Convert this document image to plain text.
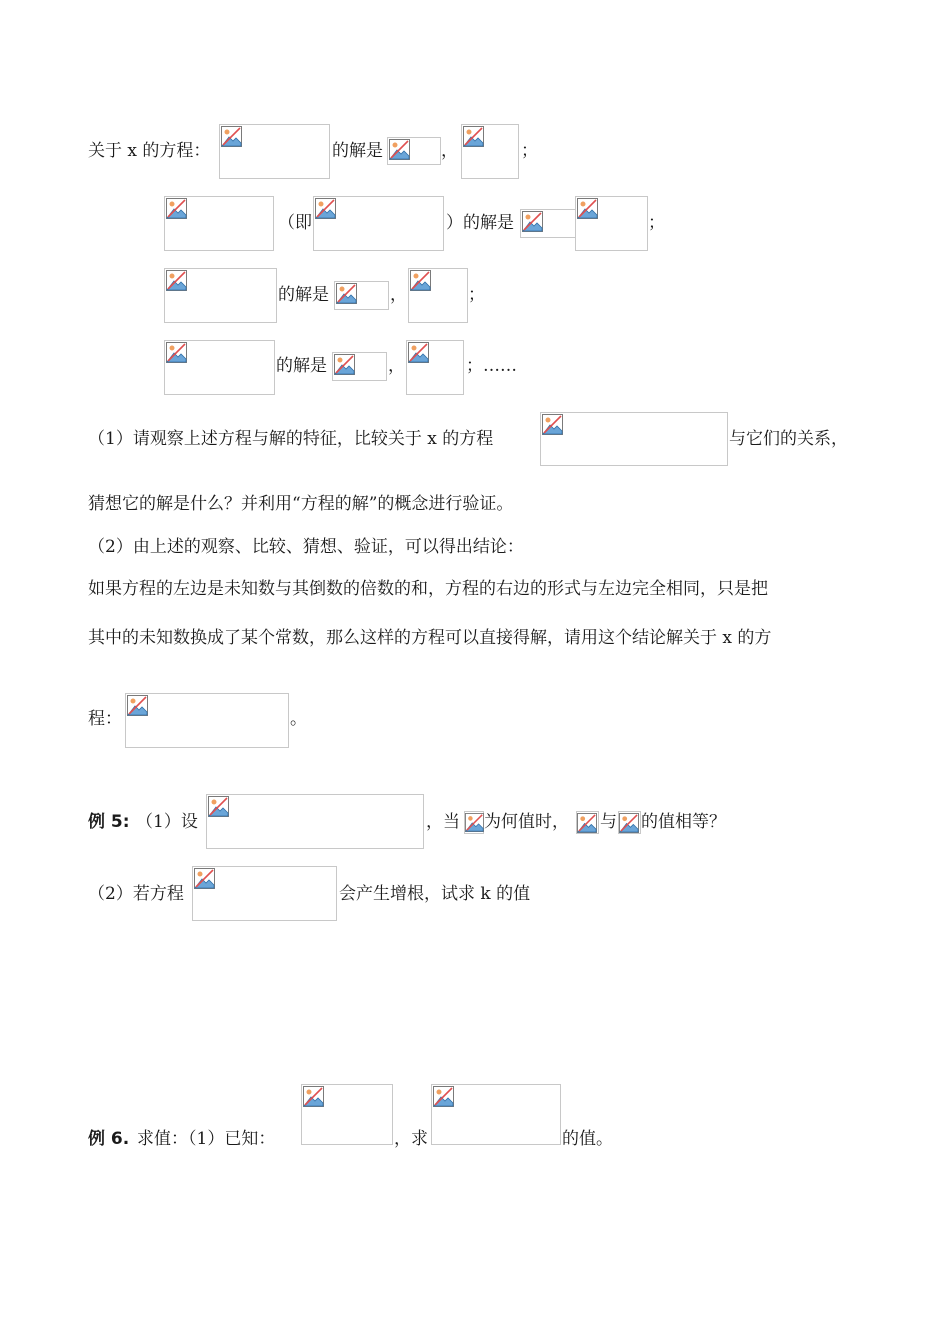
关于 x 的方程：	的解是	，	；
（即	）的解是	；
的解是	，	；
的解是	，	；……
（1）请观察上述方程与解的特征，比较关于 x 的方程	与它们的关系，
猜想它的解是什么？并利用“方程的解”的概念进行验证。
（2）由上述的观察、比较、猜想、验证，可以得出结论：
如果方程的左边是未知数与其倒数的倍数的和，方程的右边的形式与左边完全相同，只是把
其中的未知数换成了某个常数，那么这样的方程可以直接得解，请用这个结论解关于 x 的方
程：	。
例 5: （1）设	，当 为何值时， 与 的值相等？
（2）若方程	会产生增根，试求 k 的值
例 6. 求值：（1）已知：	，求	的值。
